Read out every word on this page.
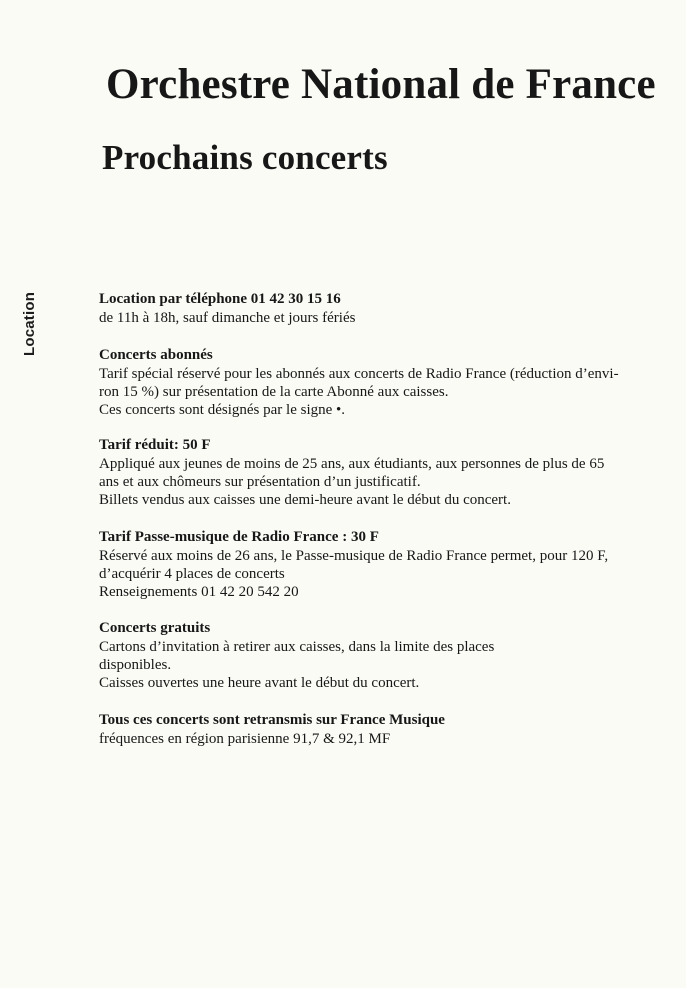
Orchestre National de France
Prochains concerts
Location	Location par téléphone 01 42 30 15 16

de 11h à 18h, sauf dimanche et jours fériés

Concerts abonnés

Tarif spécial réservé pour les abonnés aux concerts de Radio France (réduction d’envi-

ron 15 %) sur présentation de la carte Abonné aux caisses.

Ces concerts sont désignés par le signe •.

Tarif réduit: 50 F

Appliqué aux jeunes de moins de 25 ans, aux étudiants, aux personnes de plus de 65

ans et aux chômeurs sur présentation d’un justificatif.

Billets vendus aux caisses une demi-heure avant le début du concert.

Tarif Passe-musique de Radio France : 30 F

Réservé aux moins de 26 ans, le Passe-musique de Radio France permet, pour 120 F,

d’acquérir 4 places de concerts

Renseignements 01 42 20 542 20

Concerts gratuits

Cartons d’invitation à retirer aux caisses, dans la limite des places

disponibles.

Caisses ouvertes une heure avant le début du concert.

Tous ces concerts sont retransmis sur France Musique

fréquences en région parisienne 91,7 & 92,1 MF
